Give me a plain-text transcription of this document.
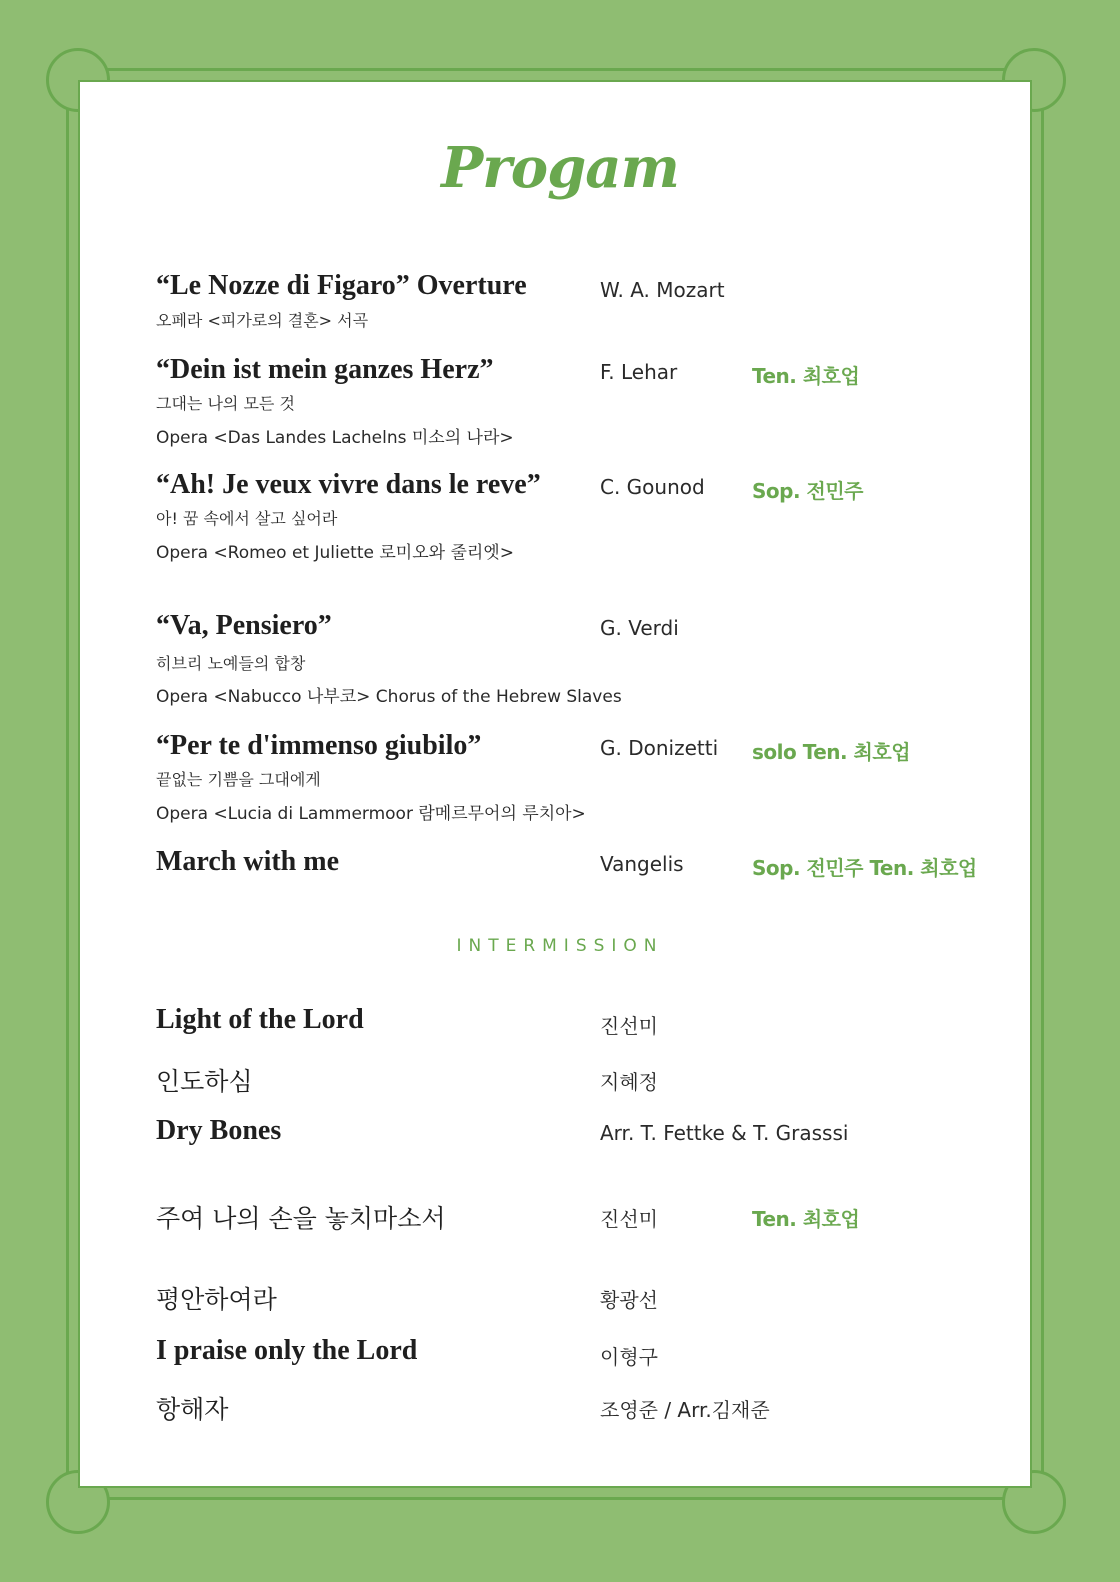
Progam
“Le Nozze di Figaro” Overture
오페라 <피가로의 결혼> 서곡
W. A. Mozart
“Dein ist mein ganzes Herz”
그대는 나의 모든 것
Opera <Das Landes Lachelns 미소의 나라>
F. Lehar	Ten. 최호업
“Ah! Je veux vivre dans le reve”
아! 꿈 속에서 살고 싶어라
Opera <Romeo et Juliette 로미오와 줄리엣>
C. Gounod Sop. 전민주
“Va, Pensiero”
히브리 노예들의 합창
Opera <Nabucco 나부코> Chorus of the Hebrew Slaves
G. Verdi
“Per te d'immenso giubilo”
끝없는 기쁨을 그대에게
Opera <Lucia di Lammermoor 람메르무어의 루치아>
G. Donizetti solo Ten. 최호업
March with me	Vangelis	Sop. 전민주 Ten. 최호업
INTERMISSION
Light of the Lord	진선미
인도하심	지혜정
Dry Bones	Arr. T. Fettke & T. Grasssi
주여 나의 손을 놓치마소서	진선미	Ten. 최호업
평안하여라	황광선
I praise only the Lord	이형구
항해자	조영준 / Arr.김재준
